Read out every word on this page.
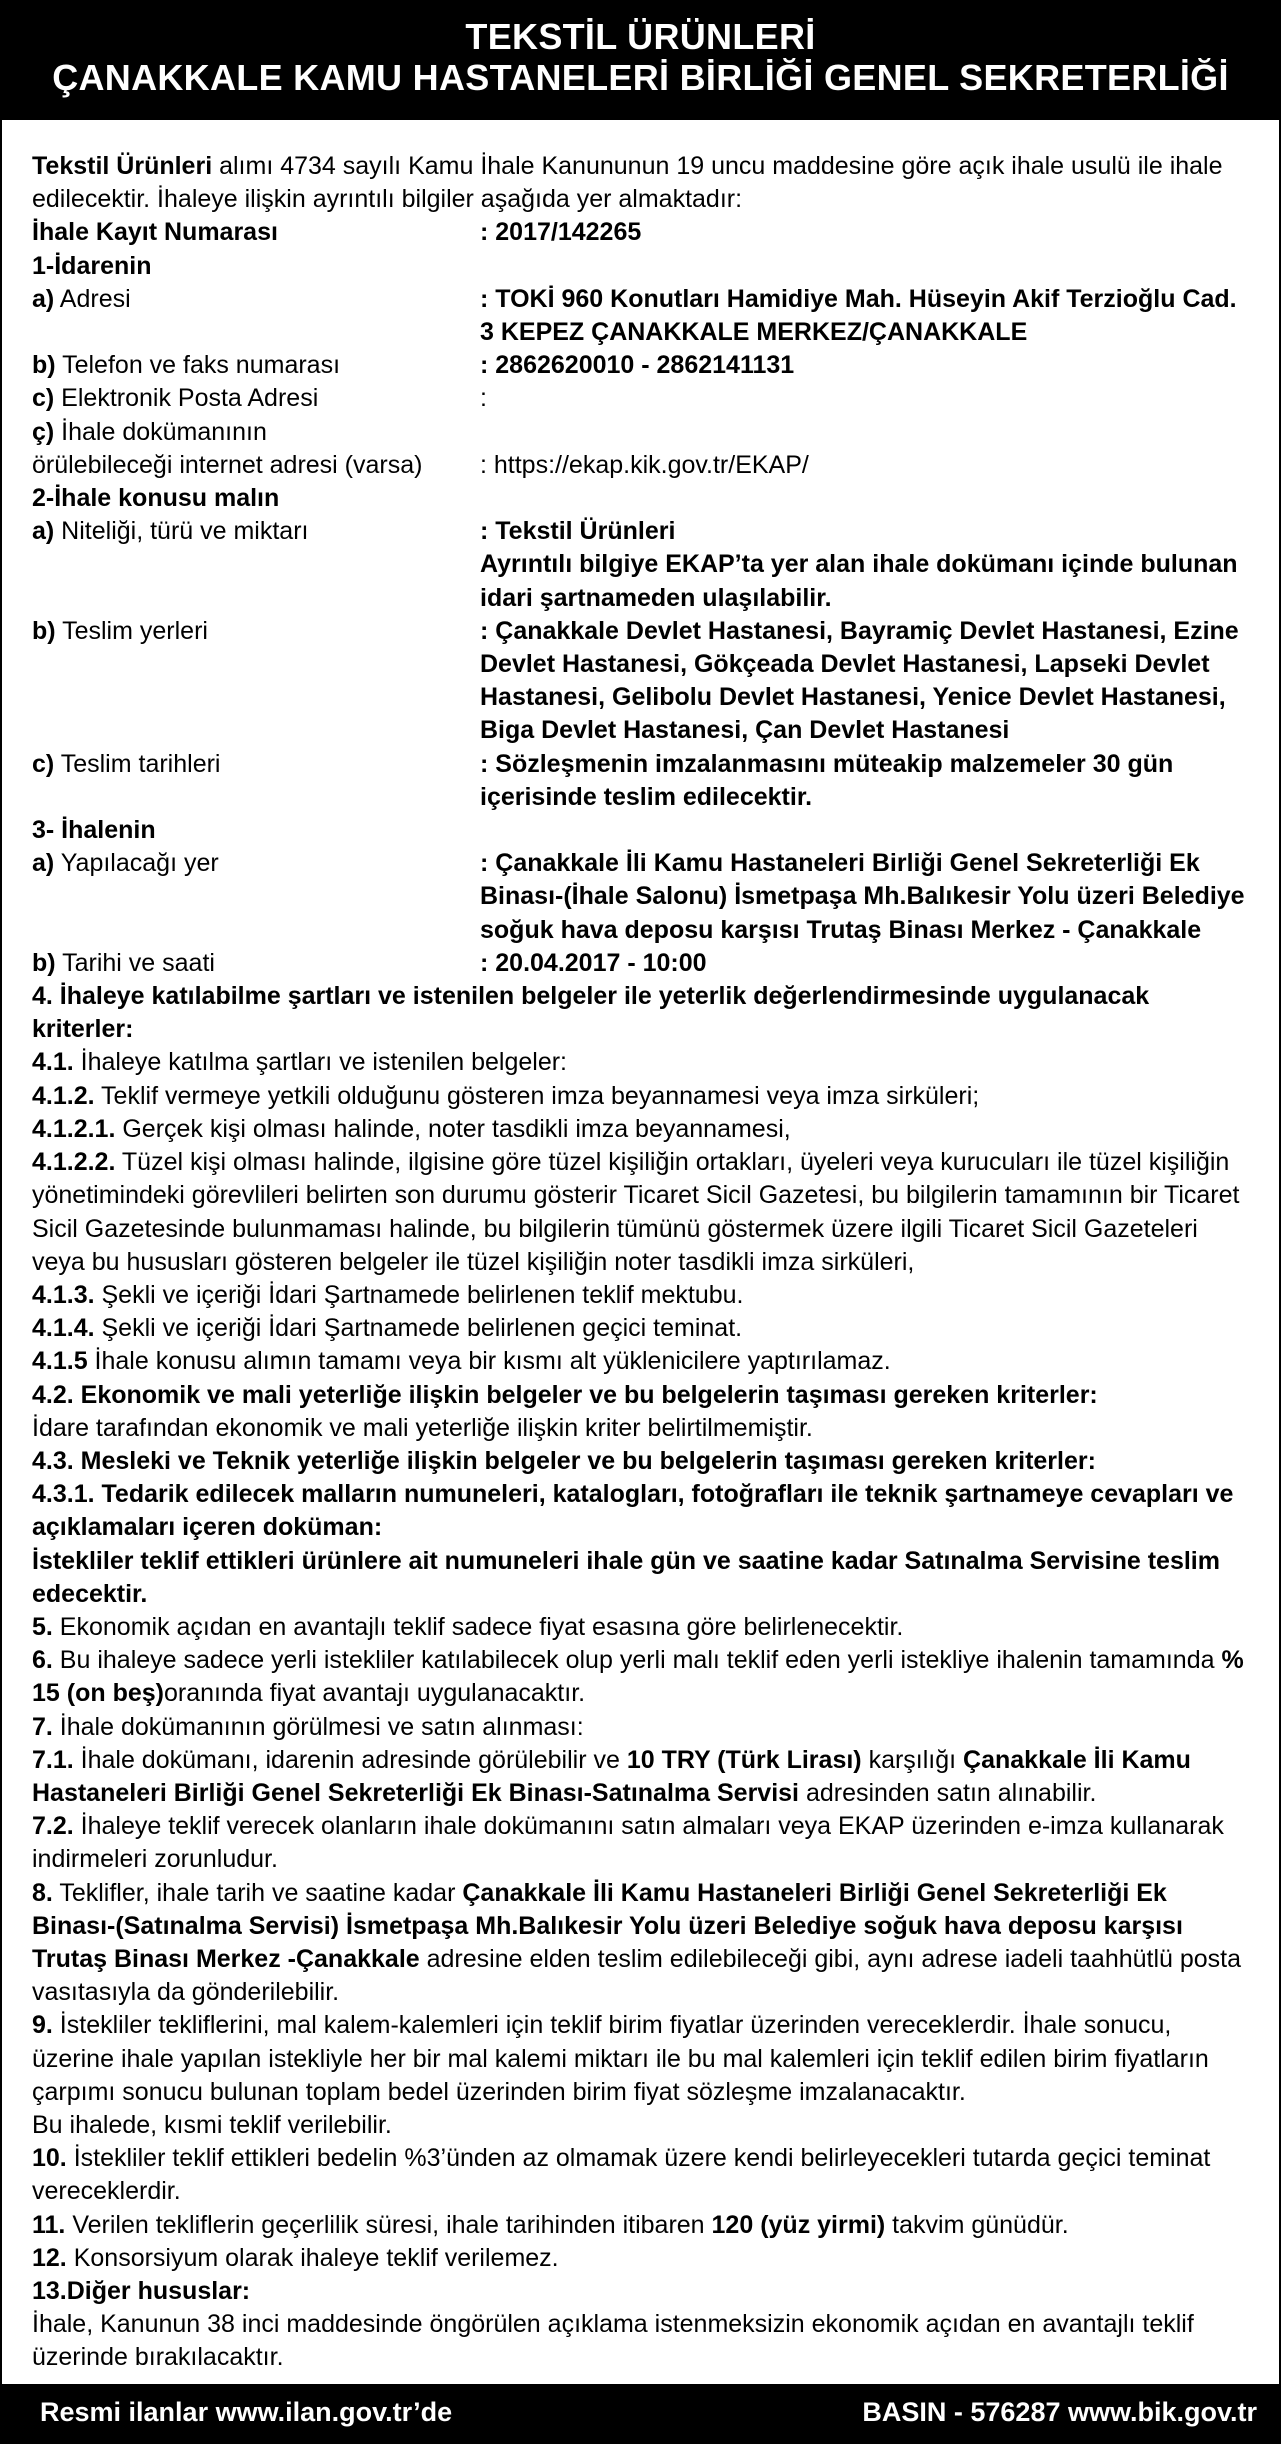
TEKSTİL ÜRÜNLERİ
ÇANAKKALE KAMU HASTANELERİ BİRLİĞİ GENEL SEKRETERLİĞİ

Tekstil Ürünleri alımı 4734 sayılı Kamu İhale Kanununun 19 uncu maddesine göre açık ihale usulü ile ihale edilecektir. İhaleye ilişkin ayrıntılı bilgiler aşağıda yer almaktadır:

İhale Kayıt Numarası	: 2017/142265

1-İdarenin

a) Adresi	: TOKİ 960 Konutları Hamidiye Mah. Hüseyin Akif Terzioğlu Cad. 3 KEPEZ ÇANAKKALE MERKEZ/ÇANAKKALE
b) Telefon ve faks numarası	: 2862620010 - 2862141131
c) Elektronik Posta Adresi	:

ç) İhale dokümanının

örülebileceği internet adresi (varsa)	: https://ekap.kik.gov.tr/EKAP/

2-İhale konusu malın

a) Niteliği, türü ve miktarı	: Tekstil Ürünleri
Ayrıntılı bilgiye EKAP’ta yer alan ihale dokümanı içinde bulunan idari şartnameden ulaşılabilir.
b) Teslim yerleri	: Çanakkale Devlet Hastanesi, Bayramiç Devlet Hastanesi, Ezine Devlet Hastanesi, Gökçeada Devlet Hastanesi, Lapseki Devlet Hastanesi, Gelibolu Devlet Hastanesi, Yenice Devlet Hastanesi, Biga Devlet Hastanesi, Çan Devlet Hastanesi
c) Teslim tarihleri	: Sözleşmenin imzalanmasını müteakip malzemeler 30 gün içerisinde teslim edilecektir.

3- İhalenin

a) Yapılacağı yer	: Çanakkale İli Kamu Hastaneleri Birliği Genel Sekreterliği Ek Binası-(İhale Salonu) İsmetpaşa Mh.Balıkesir Yolu üzeri Belediye soğuk hava deposu karşısı Trutaş Binası Merkez - Çanakkale
b) Tarihi ve saati	: 20.04.2017 - 10:00

4. İhaleye katılabilme şartları ve istenilen belgeler ile yeterlik değerlendirmesinde uygulanacak kriterler:

4.1. İhaleye katılma şartları ve istenilen belgeler:

4.1.2. Teklif vermeye yetkili olduğunu gösteren imza beyannamesi veya imza sirküleri;

4.1.2.1. Gerçek kişi olması halinde, noter tasdikli imza beyannamesi,

4.1.2.2. Tüzel kişi olması halinde, ilgisine göre tüzel kişiliğin ortakları, üyeleri veya kurucuları ile tüzel kişiliğin yönetimindeki görevlileri belirten son durumu gösterir Ticaret Sicil Gazetesi, bu bilgilerin tamamının bir Ticaret Sicil Gazetesinde bulunmaması halinde, bu bilgilerin tümünü göstermek üzere ilgili Ticaret Sicil Gazeteleri veya bu hususları gösteren belgeler ile tüzel kişiliğin noter tasdikli imza sirküleri,

4.1.3. Şekli ve içeriği İdari Şartnamede belirlenen teklif mektubu.

4.1.4. Şekli ve içeriği İdari Şartnamede belirlenen geçici teminat.

4.1.5 İhale konusu alımın tamamı veya bir kısmı alt yüklenicilere yaptırılamaz.

4.2. Ekonomik ve mali yeterliğe ilişkin belgeler ve bu belgelerin taşıması gereken kriterler:

İdare tarafından ekonomik ve mali yeterliğe ilişkin kriter belirtilmemiştir.

4.3. Mesleki ve Teknik yeterliğe ilişkin belgeler ve bu belgelerin taşıması gereken kriterler:

4.3.1. Tedarik edilecek malların numuneleri, katalogları, fotoğrafları ile teknik şartnameye cevapları ve açıklamaları içeren doküman:

İstekliler teklif ettikleri ürünlere ait numuneleri ihale gün ve saatine kadar Satınalma Servisine teslim edecektir.

5. Ekonomik açıdan en avantajlı teklif sadece fiyat esasına göre belirlenecektir.

6. Bu ihaleye sadece yerli istekliler katılabilecek olup yerli malı teklif eden yerli istekliye ihalenin tamamında % 15 (on beş)oranında fiyat avantajı uygulanacaktır.

7. İhale dokümanının görülmesi ve satın alınması:

7.1. İhale dokümanı, idarenin adresinde görülebilir ve 10 TRY (Türk Lirası) karşılığı Çanakkale İli Kamu Hastaneleri Birliği Genel Sekreterliği Ek Binası-Satınalma Servisi adresinden satın alınabilir.

7.2. İhaleye teklif verecek olanların ihale dokümanını satın almaları veya EKAP üzerinden e-imza kullanarak indirmeleri zorunludur.

8. Teklifler, ihale tarih ve saatine kadar Çanakkale İli Kamu Hastaneleri Birliği Genel Sekreterliği Ek Binası-(Satınalma Servisi) İsmetpaşa Mh.Balıkesir Yolu üzeri Belediye soğuk hava deposu karşısı Trutaş Binası Merkez -Çanakkale adresine elden teslim edilebileceği gibi, aynı adrese iadeli taahhütlü posta vasıtasıyla da gönderilebilir.

9. İstekliler tekliflerini, mal kalem-kalemleri için teklif birim fiyatlar üzerinden vereceklerdir. İhale sonucu, üzerine ihale yapılan istekliyle her bir mal kalemi miktarı ile bu mal kalemleri için teklif edilen birim fiyatların çarpımı sonucu bulunan toplam bedel üzerinden birim fiyat sözleşme imzalanacaktır.

Bu ihalede, kısmi teklif verilebilir.

10. İstekliler teklif ettikleri bedelin %3’ünden az olmamak üzere kendi belirleyecekleri tutarda geçici teminat vereceklerdir.

11. Verilen tekliflerin geçerlilik süresi, ihale tarihinden itibaren 120 (yüz yirmi) takvim günüdür.

12. Konsorsiyum olarak ihaleye teklif verilemez.

13.Diğer hususlar:

İhale, Kanunun 38 inci maddesinde öngörülen açıklama istenmeksizin ekonomik açıdan en avantajlı teklif üzerinde bırakılacaktır.

Resmi ilanlar www.ilan.gov.tr’de	BASIN - 576287 www.bik.gov.tr
